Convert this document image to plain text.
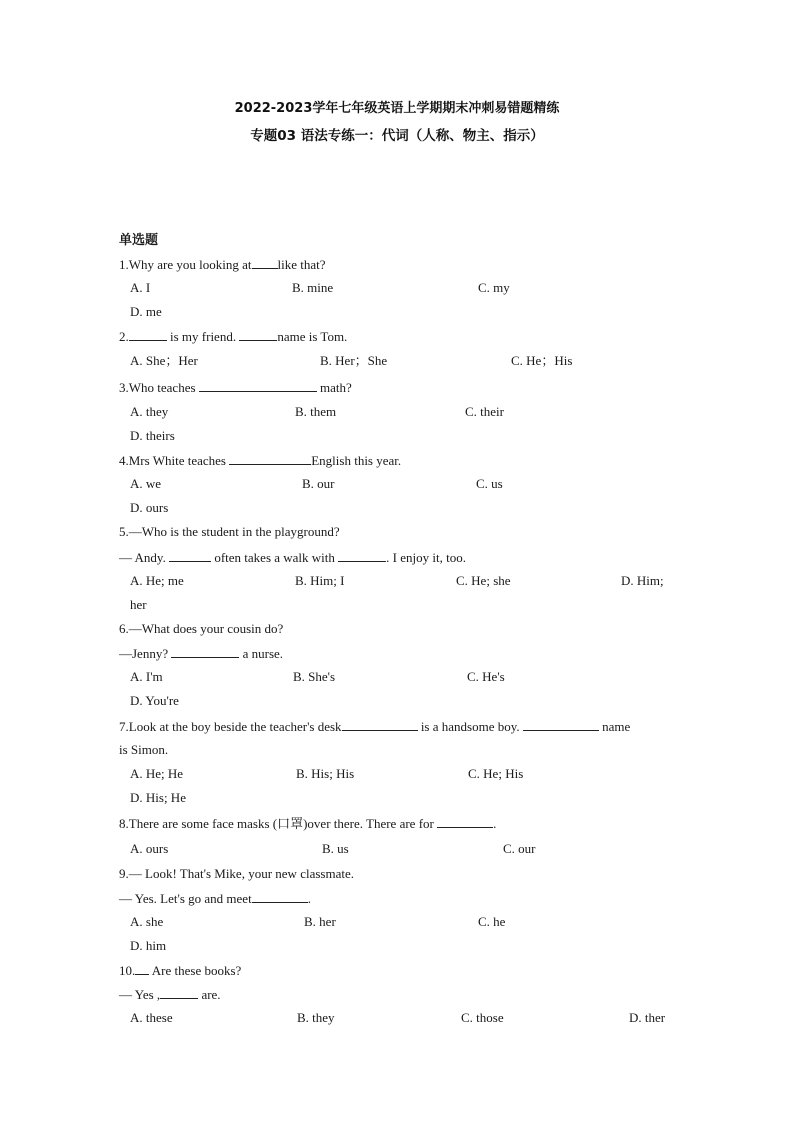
2022-2023学年七年级英语上学期期末冲刺易错题精练
专题03 语法专练一：代词（人称、物主、指示）
单选题
1.Why are you looking at like that?
A. I	B. mine	C. my
D. me
2.	is my friend.	name is Tom.
A. She；Her	B. Her；She	C. He；His
3.Who teaches	math?
A. they	B. them	C. their
D. theirs
4.Mrs White teaches	English this year.
A. we	B. our	C. us
D. ours
5.—Who is the student in the playground?
— Andy.	often takes a walk with	. I enjoy it, too.
A. He; me	B. Him; I	C. He; she	D. Him;
her
6.—What does your cousin do?
—Jenny?	a nurse.
A. I'm	B. She's	C. He's
D. You're
7.Look at the boy beside the teacher's desk	is a handsome boy.	name
is Simon.
A. He; He	B. His; His	C. He; His
D. His; He
8.There are some face masks (口罩)over there. There are for	.
A. ours	B. us	C. our
9.— Look! That's Mike, your new classmate.
— Yes. Let's go and meet	.
A. she	B. her	C. he
D. him
10. Are these books?
— Yes ,	are.
A. these	B. they	C. those	D. ther
